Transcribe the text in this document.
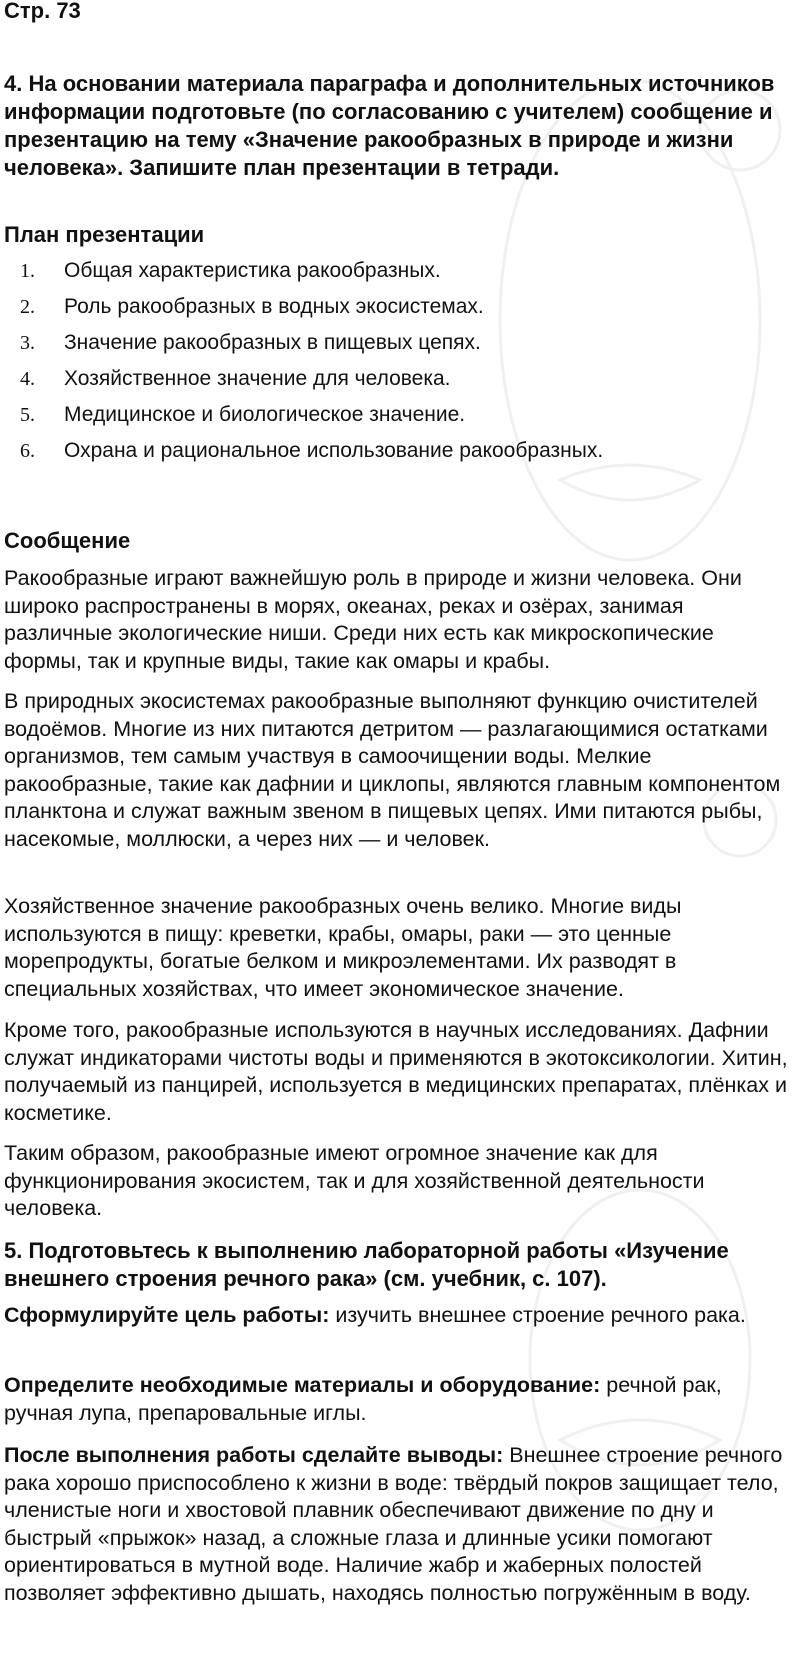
Стр. 73

4. На основании материала параграфа и дополнительных источников информации подготовьте (по согласованию с учителем) сообщение и презентацию на тему «Значение ракообразных в природе и жизни человека». Запишите план презентации в тетради.

План презентации

1.	Общая характеристика ракообразных.
2.	Роль ракообразных в водных экосистемах.
3.	Значение ракообразных в пищевых цепях.
4.	Хозяйственное значение для человека.
5.	Медицинское и биологическое значение.
6.	Охрана и рациональное использование ракообразных.

Сообщение

Ракообразные играют важнейшую роль в природе и жизни человека. Они широко распространены в морях, океанах, реках и озёрах, занимая различные экологические ниши. Среди них есть как микроскопические формы, так и крупные виды, такие как омары и крабы.

В природных экосистемах ракообразные выполняют функцию очистителей водоёмов. Многие из них питаются детритом — разлагающимися остатками организмов, тем самым участвуя в самоочищении воды. Мелкие ракообразные, такие как дафнии и циклопы, являются главным компонентом планктона и служат важным звеном в пищевых цепях. Ими питаются рыбы, насекомые, моллюски, а через них — и человек.

Хозяйственное значение ракообразных очень велико. Многие виды используются в пищу: креветки, крабы, омары, раки — это ценные морепродукты, богатые белком и микроэлементами. Их разводят в специальных хозяйствах, что имеет экономическое значение.

Кроме того, ракообразные используются в научных исследованиях. Дафнии служат индикаторами чистоты воды и применяются в экотоксикологии. Хитин, получаемый из панцирей, используется в медицинских препаратах, плёнках и косметике.

Таким образом, ракообразные имеют огромное значение как для функционирования экосистем, так и для хозяйственной деятельности человека.

5. Подготовьтесь к выполнению лабораторной работы «Изучение внешнего строения речного рака» (см. учебник, с. 107).

Сформулируйте цель работы: изучить внешнее строение речного рака.

Определите необходимые материалы и оборудование: речной рак, ручная лупа, препаровальные иглы.

После выполнения работы сделайте выводы: Внешнее строение речного рака хорошо приспособлено к жизни в воде: твёрдый покров защищает тело, членистые ноги и хвостовой плавник обеспечивают движение по дну и быстрый «прыжок» назад, а сложные глаза и длинные усики помогают ориентироваться в мутной воде. Наличие жабр и жаберных полостей позволяет эффективно дышать, находясь полностью погружённым в воду.
